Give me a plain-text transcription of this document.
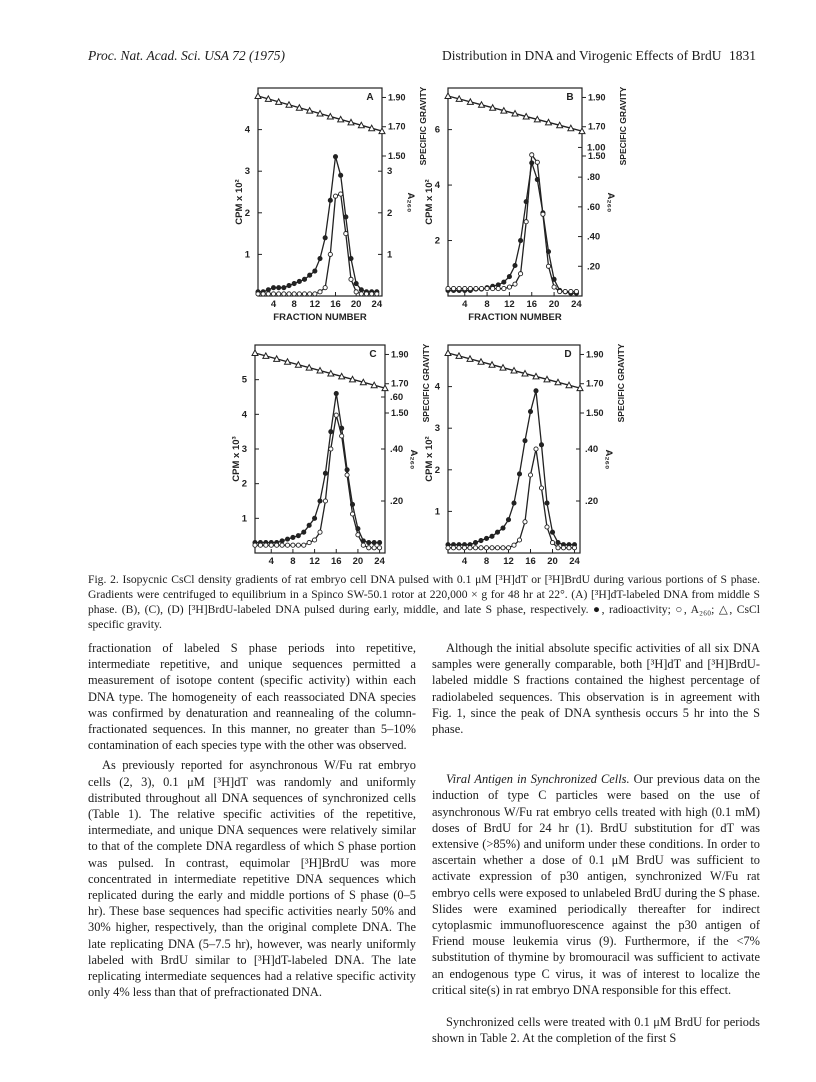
Proc. Nat. Acad. Sci. USA 72 (1975)	Distribution in DNA and Virogenic Effects of BrdU 1831
4 8 12 16 20 24
FRACTION NUMBER
1
2
3
4
CPM x 10²
1
2
3
A₂₆₀
1.90
1.70
1.50 SPECIFIC GRAVITY
A
4 8 12 16 20 24
FRACTION NUMBER
2
4
6
CPM x 10²
.20
.40
.60
.80
1.00
A₂₆₀
1.90
1.70
1.50 SPECIFIC GRAVITY
B
4 8 12 16 20 24
1
2
3
4
5
CPM x 10³
.20
.40
.60
A₂₆₀
1.90
1.70
1.50 SPECIFIC GRAVITY
C
4 8 12 16 20 24
1
2
3
4
CPM x 10²
.20
.40
A₂₆₀
1.90
1.70
1.50 SPECIFIC GRAVITY
D
Fig. 2. Isopycnic CsCl density gradients of rat embryo cell DNA pulsed with 0.1 μM [³H]dT or [³H]BrdU during various portions of S phase. Gradients were centrifuged to equilibrium in a Spinco SW-50.1 rotor at 220,000 × g for 48 hr at 22°. (A) [³H]dT-labeled DNA from middle S phase. (B), (C), (D) [³H]BrdU-labeled DNA pulsed during early, middle, and late S phase, respectively. ●, radioactivity; ○, A₂₆₀; △, CsCl specific gravity.

fractionation of labeled S phase periods into repetitive, intermediate repetitive, and unique sequences permitted a measurement of isotope content (specific activity) within each DNA type. The homogeneity of each reassociated DNA species was confirmed by denaturation and reannealing of the column-fractionated sequences. In this manner, no greater than 5–10% contamination of each species type with the other was observed.

As previously reported for asynchronous W/Fu rat embryo cells (2, 3), 0.1 μM [³H]dT was randomly and uniformly distributed throughout all DNA sequences of synchronized cells (Table 1). The relative specific activities of the repetitive, intermediate, and unique DNA sequences were relatively similar to that of the complete DNA regardless of which S phase portion was pulsed. In contrast, equimolar [³H]BrdU was more concentrated in intermediate repetitive DNA sequences which replicated during the early and middle portions of S phase (0–5 hr). These base sequences had specific activities nearly 50% and 30% higher, respectively, than the original complete DNA. The late replicating DNA (5–7.5 hr), however, was nearly uniformly labeled with BrdU similar to [³H]dT-labeled DNA. The late replicating intermediate sequences had a relative specific activity only 4% less than that of prefractionated DNA.

Although the initial absolute specific activities of all six DNA samples were generally comparable, both [³H]dT and [³H]BrdU-labeled middle S fractions contained the highest percentage of radiolabeled sequences. This observation is in agreement with Fig. 1, since the peak of DNA synthesis occurs 5 hr into the S phase.

Viral Antigen in Synchronized Cells. Our previous data on the induction of type C particles were based on the use of asynchronous W/Fu rat embryo cells treated with high (0.1 mM) doses of BrdU for 24 hr (1). BrdU substitution for dT was extensive (>85%) and uniform under these conditions. In order to ascertain whether a dose of 0.1 μM BrdU was sufficient to activate expression of p30 antigen, synchronized W/Fu rat embryo cells were exposed to unlabeled BrdU during the S phase. Slides were examined periodically thereafter for indirect cytoplasmic immunofluorescence against the p30 antigen of Friend mouse leukemia virus (9). Furthermore, if the <7% substitution of thymine by bromouracil was sufficient to activate an endogenous type C virus, it was of interest to localize the critical site(s) in rat embryo DNA responsible for this effect.

Synchronized cells were treated with 0.1 μM BrdU for periods shown in Table 2. At the completion of the first S
